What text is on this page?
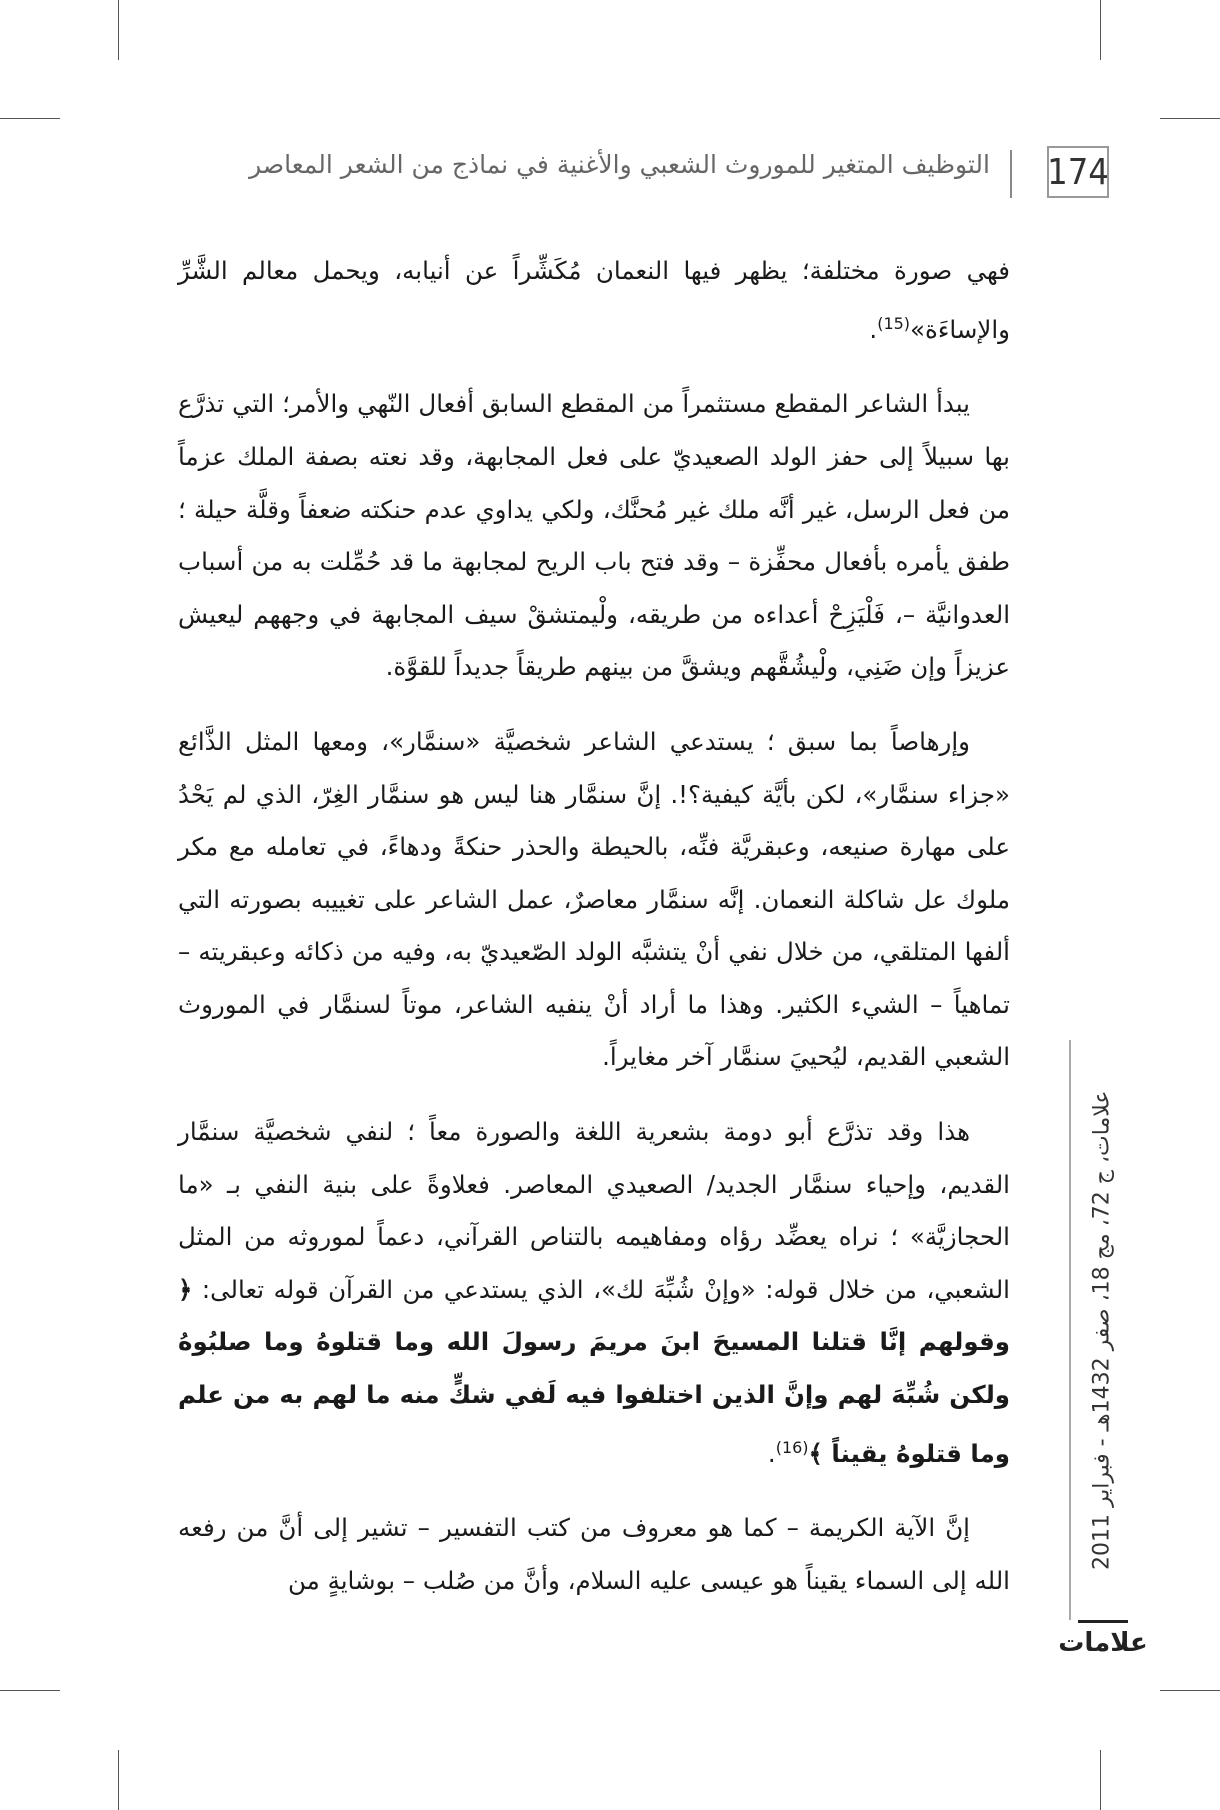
174
التوظيف المتغير للموروث الشعبي والأغنية في نماذج من الشعر المعاصر

فهي صورة مختلفة؛ يظهر فيها النعمان مُكَشِّراً عن أنيابه، ويحمل معالم الشَّرِّ والإساءَة»$^{(15)}$.

يبدأ الشاعر المقطع مستثمراً من المقطع السابق أفعال النّهي والأمر؛ التي تذرَّع بها سبيلاً إلى حفز الولد الصعيديّ على فعل المجابهة، وقد نعته بصفة الملك عزماً من فعل الرسل، غير أنَّه ملك غير مُحنَّك، ولكي يداوي عدم حنكته ضعفاً وقلَّة حيلة ؛ طفق يأمره بأفعال محفِّزة – وقد فتح باب الريح لمجابهة ما قد حُمِّلت به من أسباب العدوانيَّة –، فَلْيَزِحْ أعداءه من طريقه، ولْيمتشقْ سيف المجابهة في وجههم ليعيش عزيزاً وإن ضَنِي، ولْيشُقَّهم ويشقَّ من بينهم طريقاً جديداً للقوَّة.

وإرهاصاً بما سبق ؛ يستدعي الشاعر شخصيَّة «سنمَّار»، ومعها المثل الذَّائع «جزاء سنمَّار»، لكن بأيَّة كيفية؟!. إنَّ سنمَّار هنا ليس هو سنمَّار الغِرّ، الذي لم يَحْدُ على مهارة صنيعه، وعبقريَّة فنِّه، بالحيطة والحذر حنكةً ودهاءً، في تعامله مع مكر ملوك عل شاكلة النعمان. إنَّه سنمَّار معاصرٌ، عمل الشاعر على تغييبه بصورته التي ألفها المتلقي، من خلال نفي أنْ يتشبَّه الولد الصّعيديّ به، وفيه من ذكائه وعبقريته – تماهياً – الشيء الكثير. وهذا ما أراد أنْ ينفيه الشاعر، موتاً لسنمَّار في الموروث الشعبي القديم، ليُحييَ سنمَّار آخر مغايراً.

هذا وقد تذرَّع أبو دومة بشعرية اللغة والصورة معاً ؛ لنفي شخصيَّة سنمَّار القديم، وإحياء سنمَّار الجديد/ الصعيدي المعاصر. فعلاوةً على بنية النفي بـ «ما الحجازيَّة» ؛ نراه يعضِّد رؤاه ومفاهيمه بالتناص القرآني، دعماً لموروثه من المثل الشعبي، من خلال قوله: «وإنْ شُبِّهَ لك»، الذي يستدعي من القرآن قوله تعالى: ﴿ وقولهم إنَّا قتلنا المسيحَ ابنَ مريمَ رسولَ الله وما قتلوهُ وما صلبُوهُ ولكن شُبِّهَ لهم وإنَّ الذين اختلفوا فيه لَفي شكٍّ منه ما لهم به من علم وما قتلوهُ يقيناً ﴾$^{(16)}$.

إنَّ الآية الكريمة – كما هو معروف من كتب التفسير – تشير إلى أنَّ من رفعه الله إلى السماء يقيناً هو عيسى عليه السلام، وأنَّ من صُلب – بوشايةٍ من

علامات، ج 72، مج 18، صفر 1432هـ - فبراير 2011
علامات
